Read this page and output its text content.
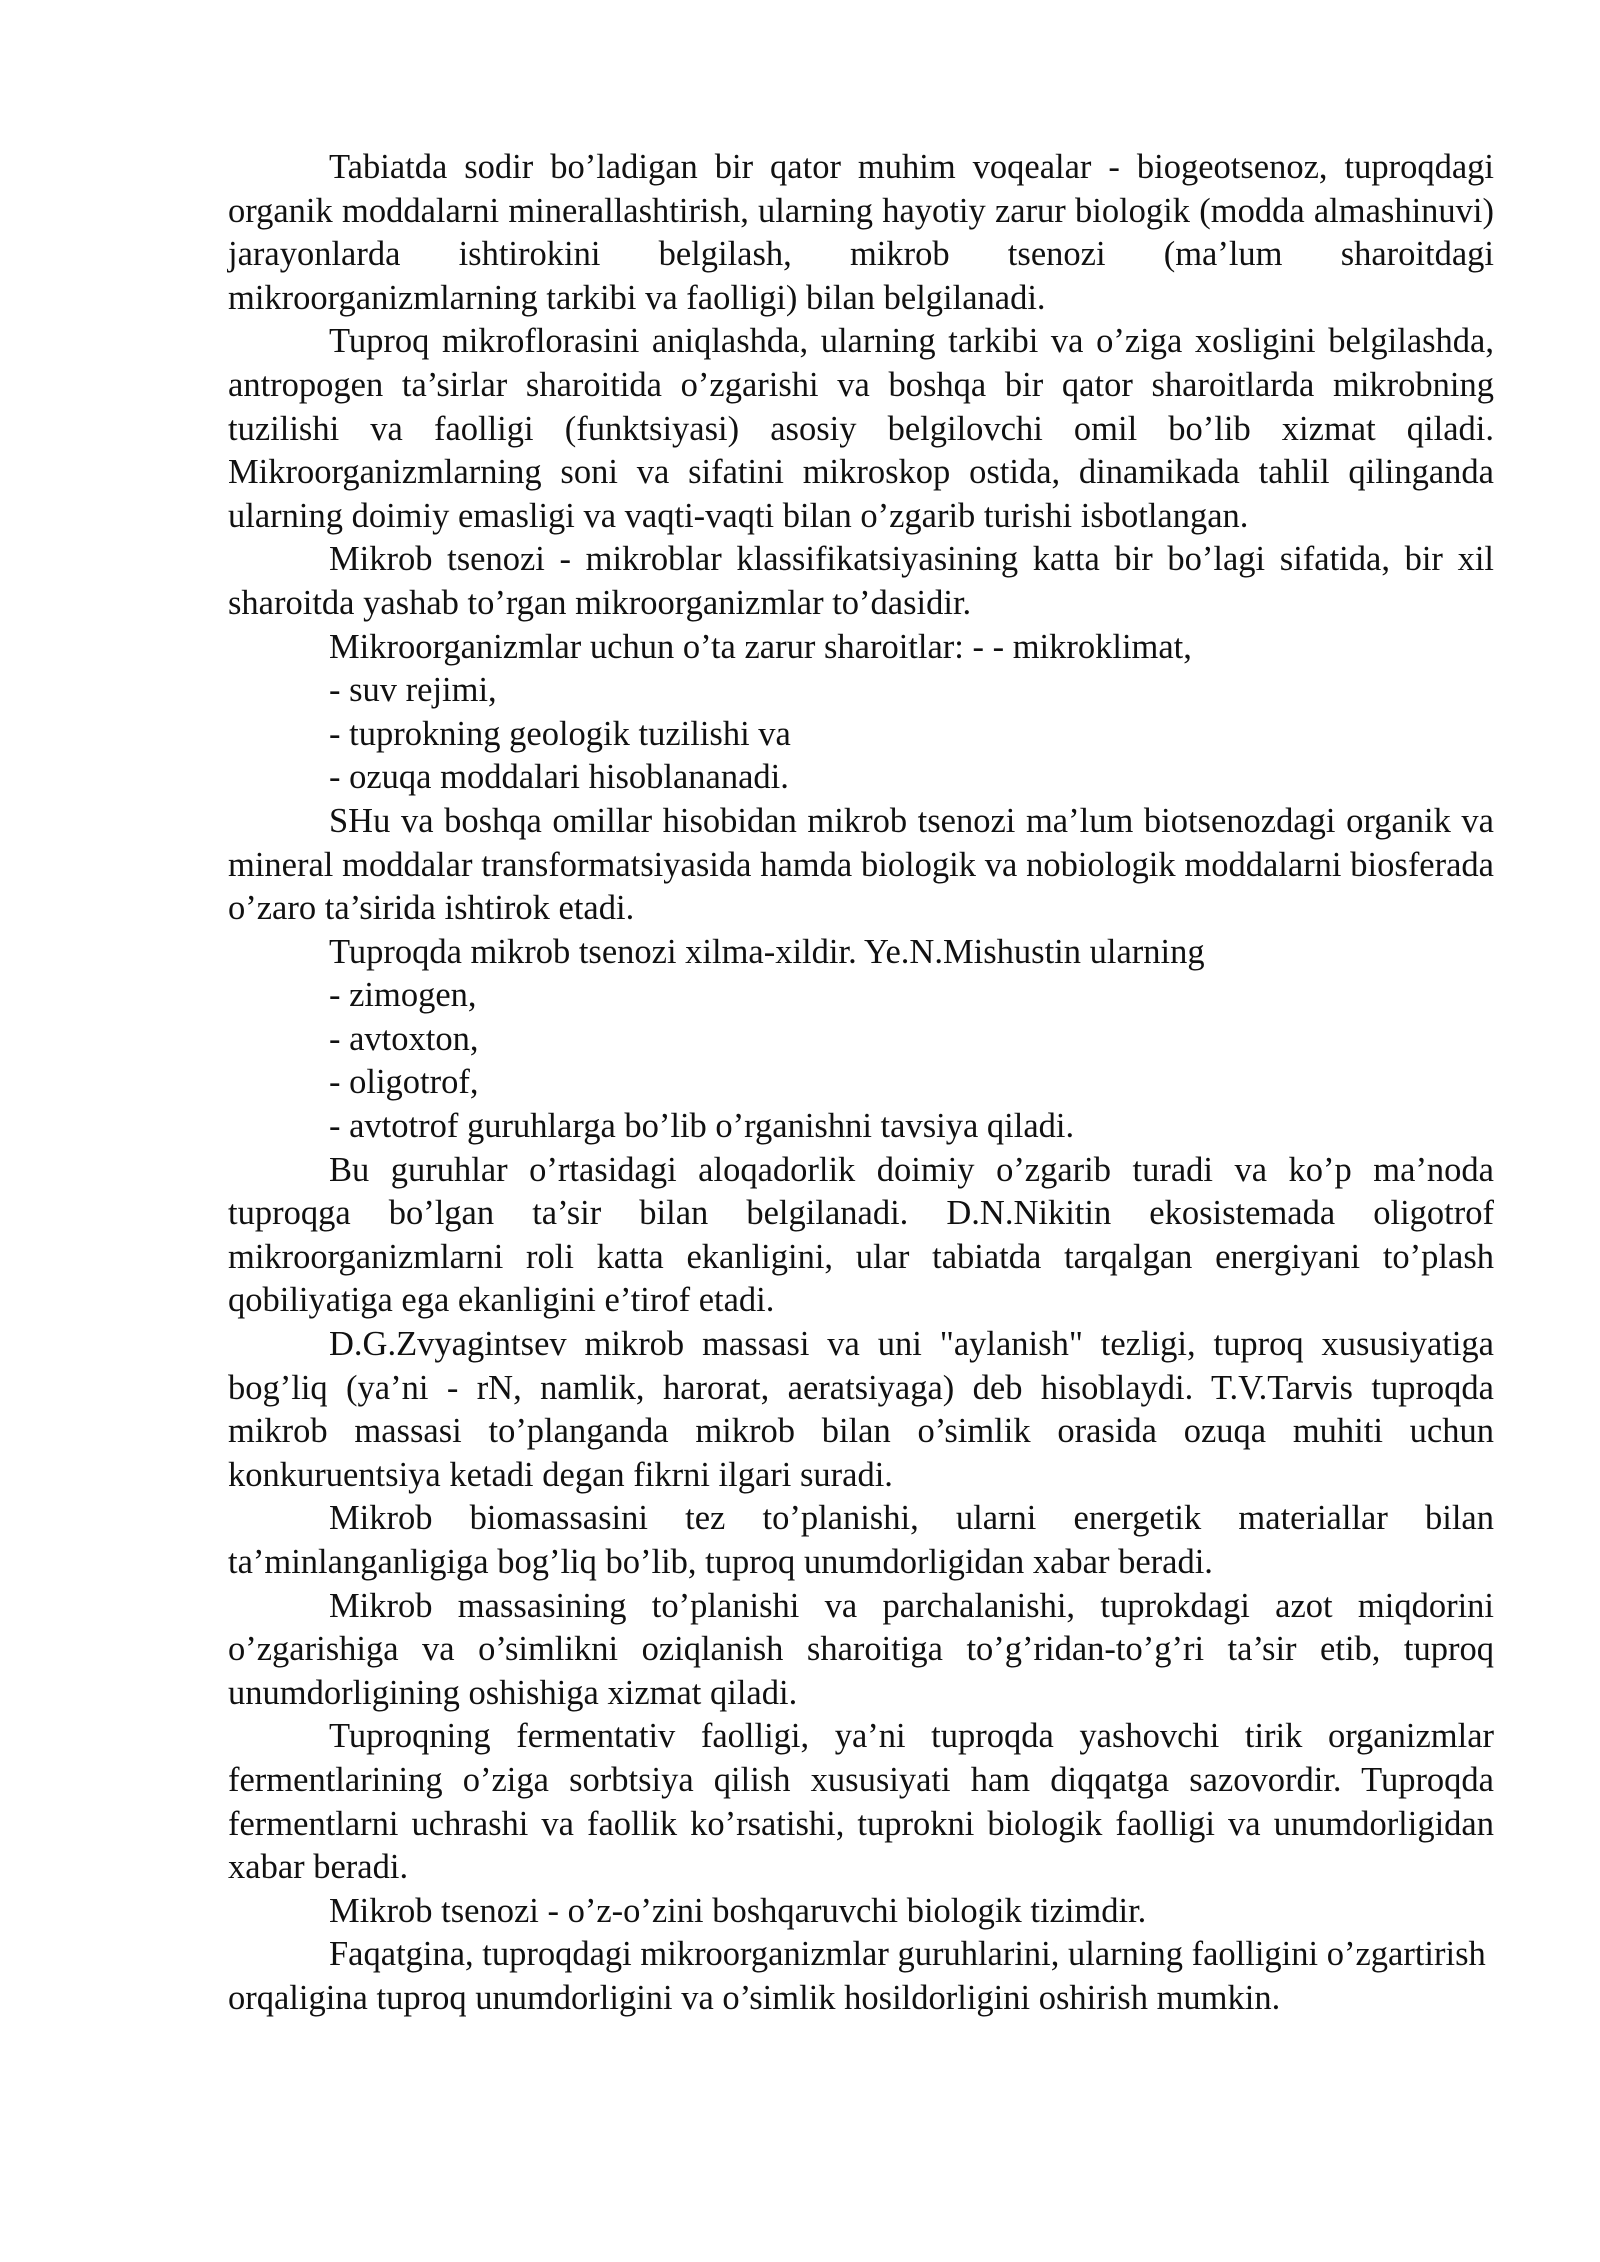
Tabiatda sodir bo’ladigan bir qator muhim voqealar - biogeotsenoz, tuproqdagi organik moddalarni minerallashtirish, ularning hayotiy zarur biologik (modda almashinuvi) jarayonlarda ishtirokini belgilash, mikrob tsenozi (ma’lum sharoitdagi mikroorganizmlarning tarkibi va faolligi) bilan belgilanadi.

Tuproq mikroflorasini aniqlashda, ularning tarkibi va o’ziga xosligini belgilashda, antropogen ta’sirlar sharoitida o’zgarishi va boshqa bir qator sharoitlarda mikrobning tuzilishi va faolligi (funktsiyasi) asosiy belgilovchi omil bo’lib xizmat qiladi. Mikroorganizmlarning soni va sifatini mikroskop ostida, dinamikada tahlil qilinganda ularning doimiy emasligi va vaqti-vaqti bilan o’zgarib turishi isbotlangan.

Mikrob tsenozi - mikroblar klassifikatsiyasining katta bir bo’lagi sifatida, bir xil sharoitda yashab to’rgan mikroorganizmlar to’dasidir.

Mikroorganizmlar uchun o’ta zarur sharoitlar: - - mikroklimat,

- suv rejimi,

- tuprokning geologik tuzilishi va

- ozuqa moddalari hisoblananadi.

SHu va boshqa omillar hisobidan mikrob tsenozi ma’lum biotsenozdagi organik va mineral moddalar transformatsiyasida hamda biologik va nobiologik moddalarni biosferada o’zaro ta’sirida ishtirok etadi.

Tuproqda mikrob tsenozi xilma-xildir. Ye.N.Mishustin ularning

- zimogen,

- avtoxton,

- oligotrof,

- avtotrof guruhlarga bo’lib o’rganishni tavsiya qiladi.

Bu guruhlar o’rtasidagi aloqadorlik doimiy o’zgarib turadi va ko’p ma’noda tuproqga bo’lgan ta’sir bilan belgilanadi. D.N.Nikitin ekosistemada oligotrof mikroorganizmlarni roli katta ekanligini, ular tabiatda tarqalgan energiyani to’plash qobiliyatiga ega ekanligini e’tirof etadi.

D.G.Zvyagintsev mikrob massasi va uni "aylanish" tezligi, tuproq xususiyatiga bog’liq (ya’ni - rN, namlik, harorat, aeratsiyaga) deb hisoblaydi. T.V.Tarvis tuproqda mikrob massasi to’planganda mikrob bilan o’simlik orasida ozuqa muhiti uchun konkuruentsiya ketadi degan fikrni ilgari suradi.

Mikrob biomassasini tez to’planishi, ularni energetik materiallar bilan ta’minlanganligiga bog’liq bo’lib, tuproq unumdorligidan xabar beradi.

Mikrob massasining to’planishi va parchalanishi, tuprokdagi azot miqdorini o’zgarishiga va o’simlikni oziqlanish sharoitiga to’g’ridan-to’g’ri ta’sir etib, tuproq unumdorligining oshishiga xizmat qiladi.

Tuproqning fermentativ faolligi, ya’ni tuproqda yashovchi tirik organizmlar fermentlarining o’ziga sorbtsiya qilish xususiyati ham diqqatga sazovordir. Tuproqda fermentlarni uchrashi va faollik ko’rsatishi, tuprokni biologik faolligi va unumdorligidan xabar beradi.

Mikrob tsenozi - o’z-o’zini boshqaruvchi biologik tizimdir.

Faqatgina, tuproqdagi mikroorganizmlar guruhlarini, ularning faolligini o’zgartirish orqaligina tuproq unumdorligini va o’simlik hosildorligini oshirish mumkin.
